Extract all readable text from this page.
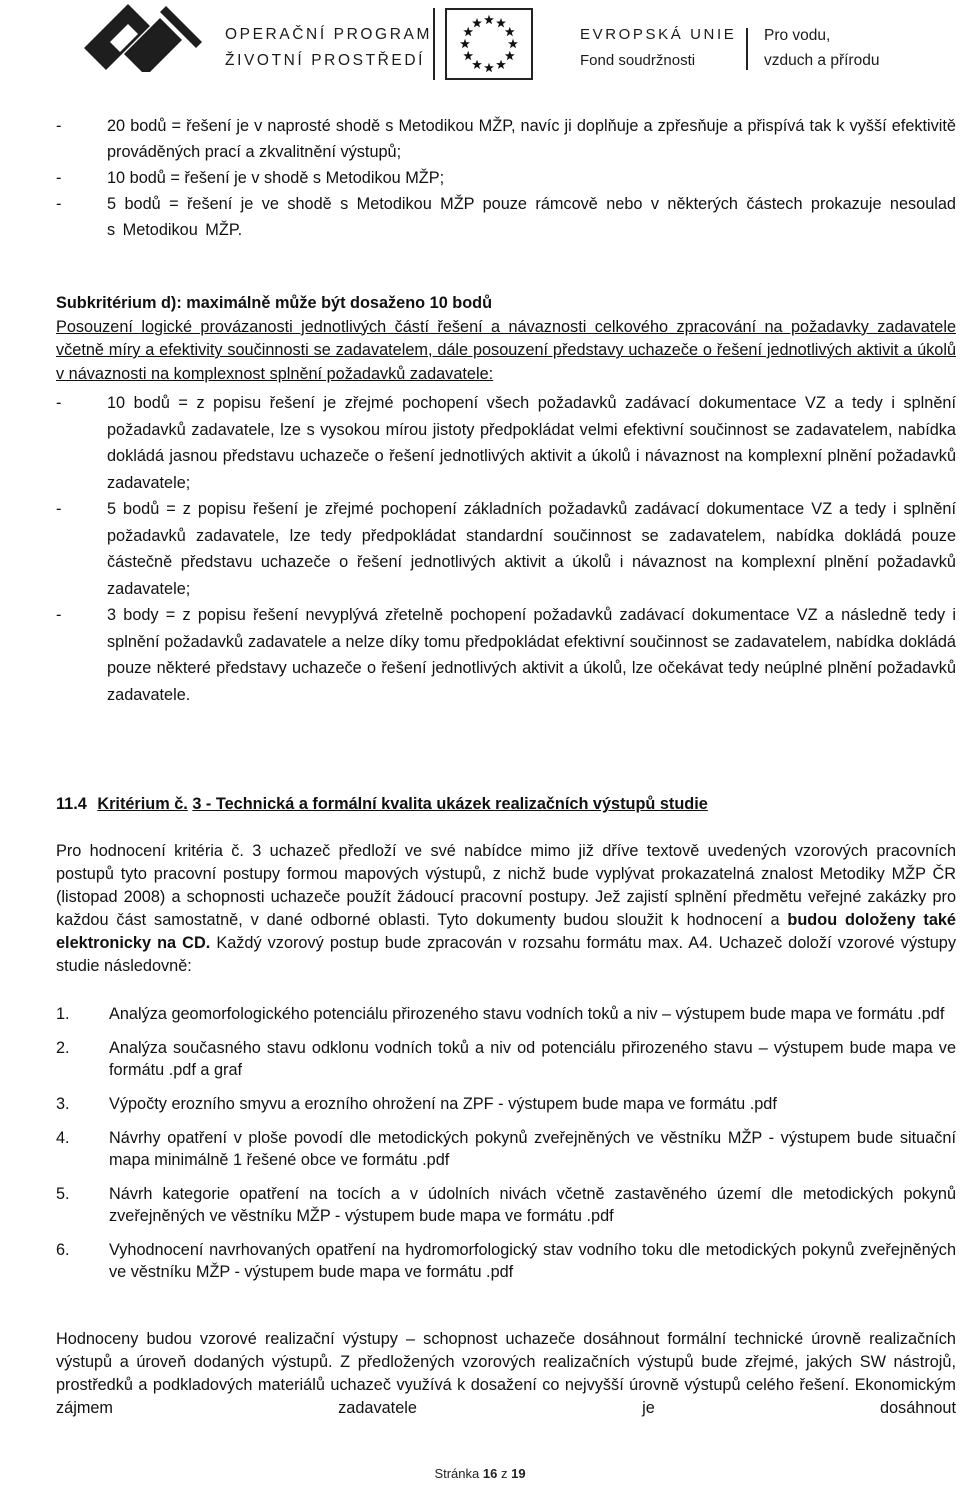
OPERAČNÍ PROGRAM
ŽIVOTNÍ PROSTŘEDÍ
EVROPSKÁ UNIE
Fond soudržnosti
Pro vodu,
vzduch a přírodu
-	20 bodů = řešení je v naprosté shodě s Metodikou MŽP, navíc ji doplňuje a zpřesňuje a přispívá tak k vyšší efektivitě prováděných prací a zkvalitnění výstupů;
-	10 bodů = řešení je v shodě s Metodikou MŽP;
-	5 bodů = řešení je ve shodě s Metodikou MŽP pouze rámcově nebo v některých částech prokazuje nesoulad s Metodikou MŽP.
Subkritérium d): maximálně může být dosaženo 10 bodů
Posouzení logické provázanosti jednotlivých částí řešení a návaznosti celkového zpracování na požadavky zadavatele včetně míry a efektivity součinnosti se zadavatelem, dále posouzení představy uchazeče o řešení jednotlivých aktivit a úkolů v návaznosti na komplexnost splnění požadavků zadavatele:
-	10 bodů = z popisu řešení je zřejmé pochopení všech požadavků zadávací dokumentace VZ a tedy i splnění požadavků zadavatele, lze s vysokou mírou jistoty předpokládat velmi efektivní součinnost se zadavatelem, nabídka dokládá jasnou představu uchazeče o řešení jednotlivých aktivit a úkolů i návaznost na komplexní plnění požadavků zadavatele;
-	5 bodů = z popisu řešení je zřejmé pochopení základních požadavků zadávací dokumentace VZ a tedy i splnění požadavků zadavatele, lze tedy předpokládat standardní součinnost se zadavatelem, nabídka dokládá pouze částečně představu uchazeče o řešení jednotlivých aktivit a úkolů i návaznost na komplexní plnění požadavků zadavatele;
-	3 body = z popisu řešení nevyplývá zřetelně pochopení požadavků zadávací dokumentace VZ a následně tedy i splnění požadavků zadavatele a nelze díky tomu předpokládat efektivní součinnost se zadavatelem, nabídka dokládá pouze některé představy uchazeče o řešení jednotlivých aktivit a úkolů, lze očekávat tedy neúplné plnění požadavků zadavatele.
11.4 Kritérium č. 3 - Technická a formální kvalita ukázek realizačních výstupů studie
Pro hodnocení kritéria č. 3 uchazeč předloží ve své nabídce mimo již dříve textově uvedených vzorových pracovních postupů tyto pracovní postupy formou mapových výstupů, z nichž bude vyplývat prokazatelná znalost Metodiky MŽP ČR (listopad 2008) a schopnosti uchazeče použít žádoucí pracovní postupy. Jež zajistí splnění předmětu veřejné zakázky pro každou část samostatně, v dané odborné oblasti. Tyto dokumenty budou sloužit k hodnocení a budou doloženy také elektronicky na CD. Každý vzorový postup bude zpracován v rozsahu formátu max. A4. Uchazeč doloží vzorové výstupy studie následovně:
1. Analýza geomorfologického potenciálu přirozeného stavu vodních toků a niv – výstupem bude mapa ve formátu .pdf
2. Analýza současného stavu odklonu vodních toků a niv od potenciálu přirozeného stavu – výstupem bude mapa ve formátu .pdf a graf
3. Výpočty erozního smyvu a erozního ohrožení na ZPF - výstupem bude mapa ve formátu .pdf
4. Návrhy opatření v ploše povodí dle metodických pokynů zveřejněných ve věstníku MŽP - výstupem bude situační mapa minimálně 1 řešené obce ve formátu .pdf
5. Návrh kategorie opatření na tocích a v údolních nivách včetně zastavěného území dle metodických pokynů zveřejněných ve věstníku MŽP - výstupem bude mapa ve formátu .pdf
6. Vyhodnocení navrhovaných opatření na hydromorfologický stav vodního toku dle metodických pokynů zveřejněných ve věstníku MŽP - výstupem bude mapa ve formátu .pdf
Hodnoceny budou vzorové realizační výstupy – schopnost uchazeče dosáhnout formální technické úrovně realizačních výstupů a úroveň dodaných výstupů. Z předložených vzorových realizačních výstupů bude zřejmé, jakých SW nástrojů, prostředků a podkladových materiálů uchazeč využívá k dosažení co nejvyšší úrovně výstupů celého řešení. Ekonomickým zájmem zadavatele je dosáhnout
Stránka 16 z 19
